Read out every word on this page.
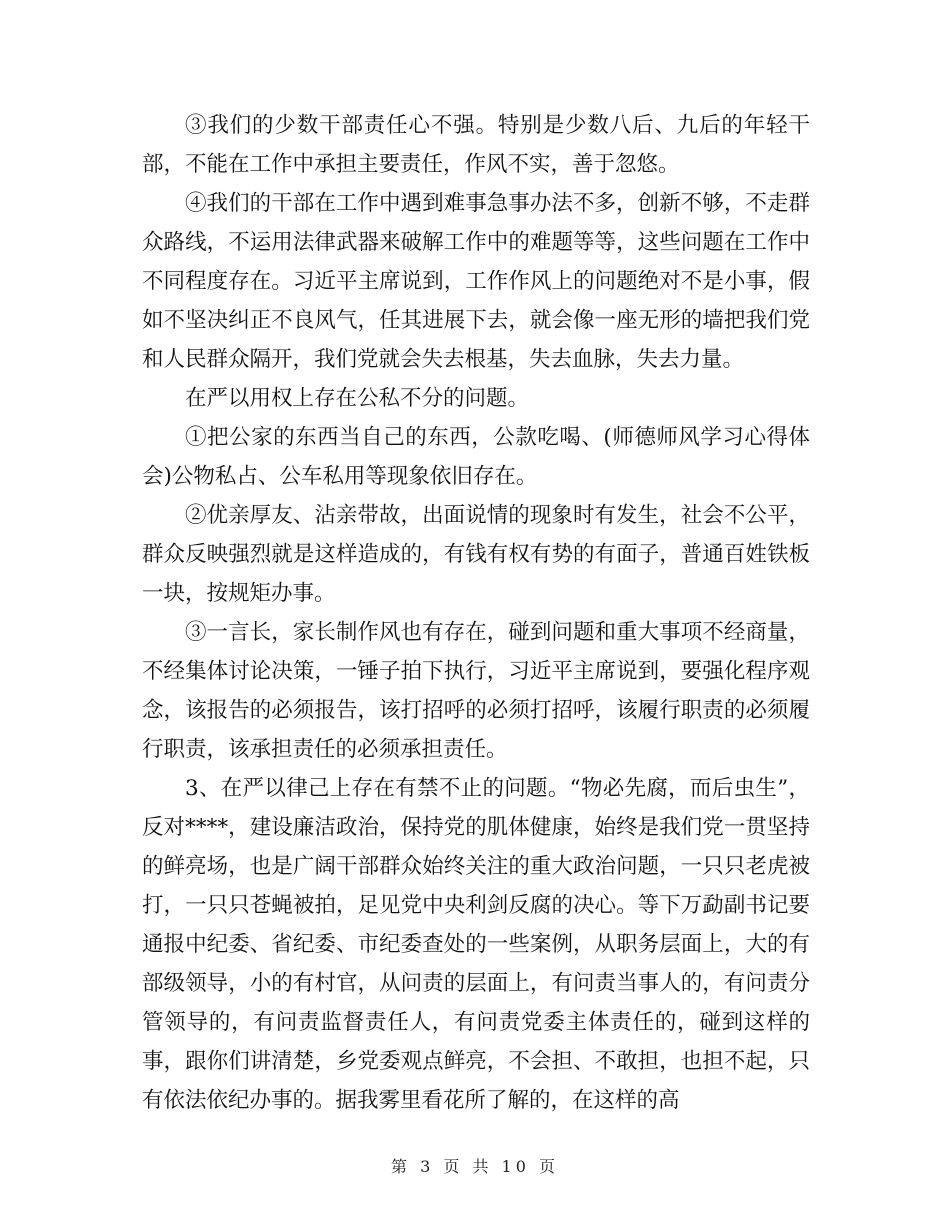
③我们的少数干部责任心不强。特别是少数八后、九后的年轻干部，不能在工作中承担主要责任，作风不实，善于忽悠。

④我们的干部在工作中遇到难事急事办法不多，创新不够，不走群众路线，不运用法律武器来破解工作中的难题等等，这些问题在工作中不同程度存在。习近平主席说到，工作作风上的问题绝对不是小事，假如不坚决纠正不良风气，任其进展下去，就会像一座无形的墙把我们党和人民群众隔开，我们党就会失去根基，失去血脉，失去力量。

在严以用权上存在公私不分的问题。

①把公家的东西当自己的东西，公款吃喝、(师德师风学习心得体会)公物私占、公车私用等现象依旧存在。

②优亲厚友、沾亲带故，出面说情的现象时有发生，社会不公平，群众反映强烈就是这样造成的，有钱有权有势的有面子，普通百姓铁板一块，按规矩办事。

③一言长，家长制作风也有存在，碰到问题和重大事项不经商量，不经集体讨论决策，一锤子拍下执行，习近平主席说到，要强化程序观念，该报告的必须报告，该打招呼的必须打招呼，该履行职责的必须履行职责，该承担责任的必须承担责任。

3、在严以律己上存在有禁不止的问题。“物必先腐，而后虫生”，反对****，建设廉洁政治，保持党的肌体健康，始终是我们党一贯坚持的鲜亮场，也是广阔干部群众始终关注的重大政治问题，一只只老虎被打，一只只苍蝇被拍，足见党中央利剑反腐的决心。等下万勐副书记要通报中纪委、省纪委、市纪委查处的一些案例，从职务层面上，大的有部级领导，小的有村官，从问责的层面上，有问责当事人的，有问责分管领导的，有问责监督责任人，有问责党委主体责任的，碰到这样的事，跟你们讲清楚，乡党委观点鲜亮，不会担、不敢担，也担不起，只有依法依纪办事的。据我雾里看花所了解的，在这样的高

第 3 页 共 10 页
